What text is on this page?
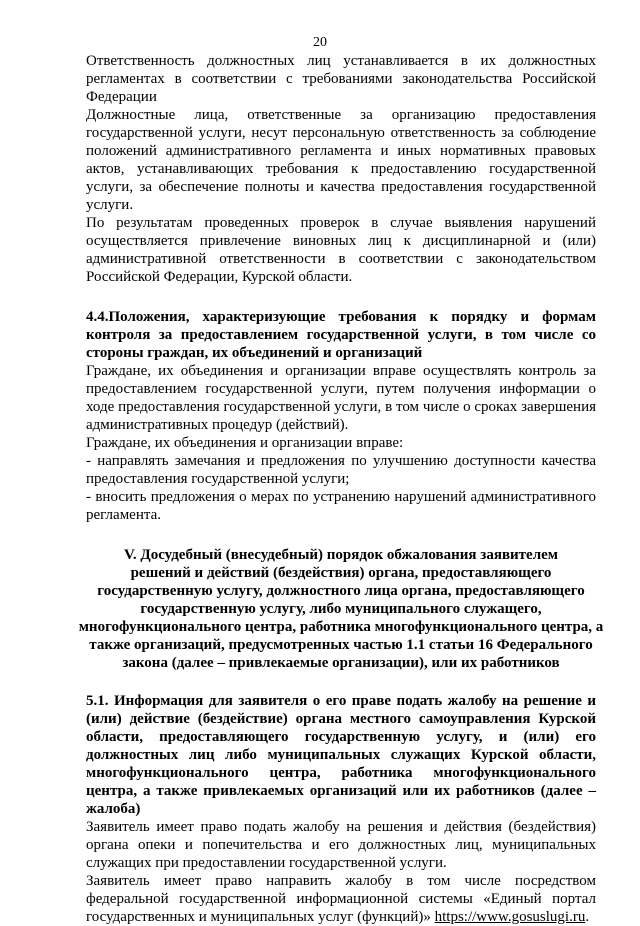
20

Ответственность должностных лиц устанавливается в их должностных регламентах в соответствии с требованиями законодательства Российской Федерации

Должностные лица, ответственные за организацию предоставления государственной услуги, несут персональную ответственность за соблюдение положений административного регламента и иных нормативных правовых актов, устанавливающих требования к предоставлению государственной услуги, за обеспечение полноты и качества предоставления государственной услуги.

По результатам проведенных проверок в случае выявления нарушений осуществляется привлечение виновных лиц к дисциплинарной и (или) административной ответственности в соответствии с законодательством Российской Федерации, Курской области.

4.4.Положения, характеризующие требования к порядку и формам контроля за предоставлением государственной услуги, в том числе со стороны граждан, их объединений и организаций

Граждане, их объединения и организации вправе осуществлять контроль за предоставлением государственной услуги, путем получения информации о ходе предоставления государственной услуги, в том числе о сроках завершения административных процедур (действий).

Граждане, их объединения и организации вправе:

- направлять замечания и предложения по улучшению доступности качества предоставления государственной услуги;

- вносить предложения о мерах по устранению нарушений административного регламента.

V. Досудебный (внесудебный) порядок обжалования заявителем
решений и действий (бездействия) органа, предоставляющего
государственную услугу, должностного лица органа, предоставляющего
государственную услугу, либо муниципального служащего,
многофункционального центра, работника многофункционального центра, а
также организаций, предусмотренных частью 1.1 статьи 16 Федерального
закона (далее – привлекаемые организации), или их работников

5.1. Информация для заявителя о его праве подать жалобу на решение и (или) действие (бездействие) органа местного самоуправления Курской области, предоставляющего государственную услугу, и (или) его должностных лиц либо муниципальных служащих Курской области, многофункционального центра, работника многофункционального центра, а также привлекаемых организаций или их работников (далее – жалоба)

Заявитель имеет право подать жалобу на решения и действия (бездействия) органа опеки и попечительства и его должностных лиц, муниципальных служащих при предоставлении государственной услуги.

Заявитель имеет право направить жалобу в том числе посредством федеральной государственной информационной системы «Единый портал государственных и муниципальных услуг (функций)» https://www.gosuslugi.ru.
